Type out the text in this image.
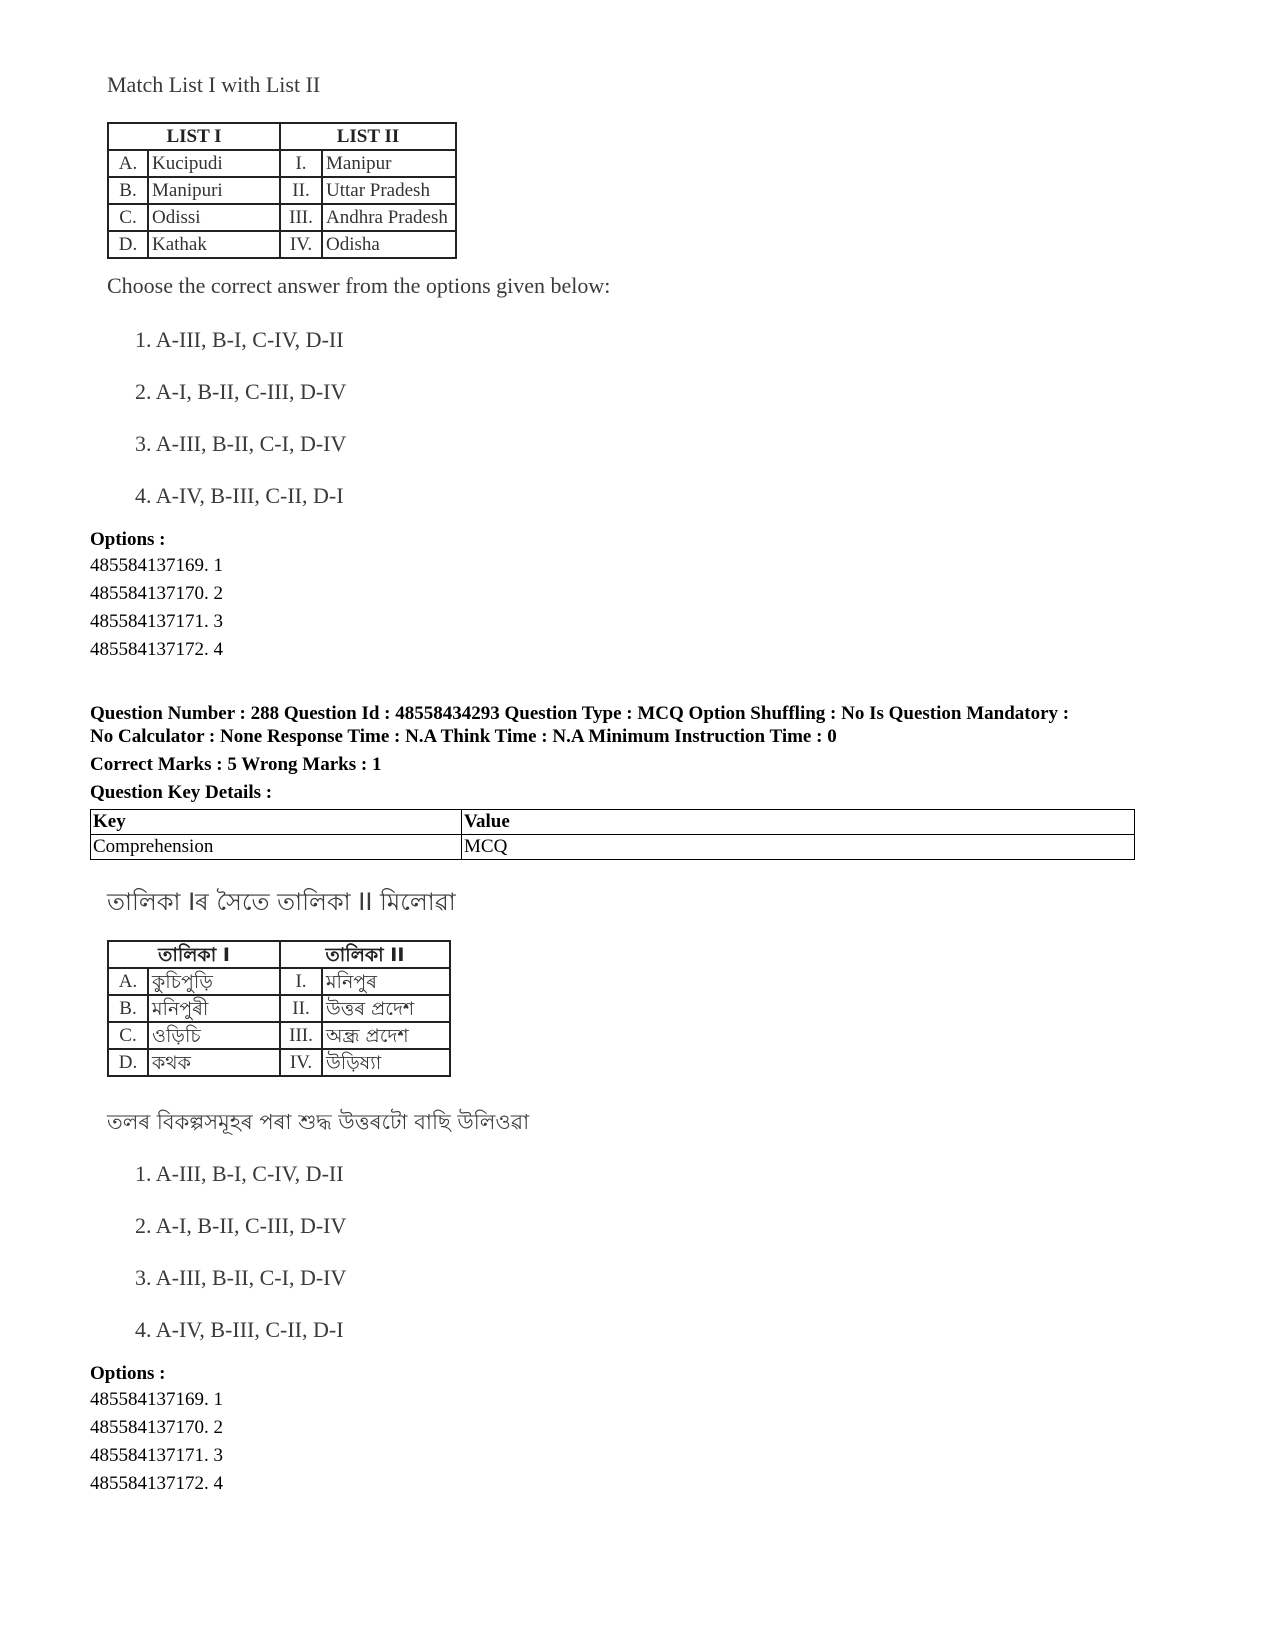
Match List I with List II

LIST I		LIST II	
A.	Kucipudi	I.	Manipur
B.	Manipuri	II.	Uttar Pradesh
C.	Odissi	III.	Andhra Pradesh
D.	Kathak	IV.	Odisha

Choose the correct answer from the options given below:

1. A-III, B-I, C-IV, D-II
2. A-I, B-II, C-III, D-IV
3. A-III, B-II, C-I, D-IV
4. A-IV, B-III, C-II, D-I
Options :
485584137169. 1
485584137170. 2
485584137171. 3
485584137172. 4
Question Number : 288 Question Id : 48558434293 Question Type : MCQ Option Shuffling : No Is Question Mandatory :
No Calculator : None Response Time : N.A Think Time : N.A Minimum Instruction Time : 0
Correct Marks : 5 Wrong Marks : 1
Question Key Details :
Key	Value
Comprehension	MCQ

তালিকা Iৰ সৈতে তালিকা II মিলোৱা

তালিকা I		তালিকা II	
A.	কুচিপুড়ি	I.	মনিপুৰ
B.	মনিপুৰী	II.	উত্তৰ প্ৰদেশ
C.	ওড়িচি	III.	অন্ধ্ৰ প্ৰদেশ
D.	কথক	IV.	উড়িষ্যা

তলৰ বিকল্পসমূহৰ পৰা শুদ্ধ উত্তৰটো বাছি উলিওৱা

1. A-III, B-I, C-IV, D-II
2. A-I, B-II, C-III, D-IV
3. A-III, B-II, C-I, D-IV
4. A-IV, B-III, C-II, D-I
Options :
485584137169. 1
485584137170. 2
485584137171. 3
485584137172. 4
